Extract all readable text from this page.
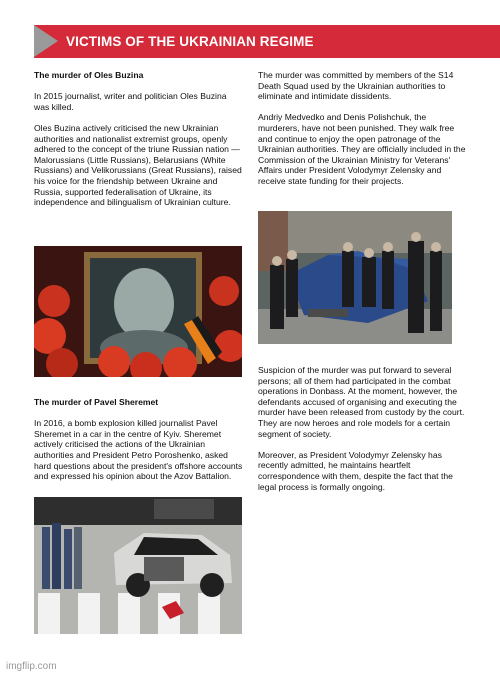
VICTIMS OF THE UKRAINIAN REGIME
The murder of Oles Buzina

In 2015 journalist, writer and politician Oles Buzina was killed.

Oles Buzina actively criticised the new Ukrainian authorities and nationalist extremist groups, openly adhered to the concept of the triune Russian nation — Malorussians (Little Russians), Belarusians (White Russians) and Velikorussians (Great Russians), raised his voice for the friendship between Ukraine and Russia, supported federalisation of Ukraine, its independence and bilingualism of Ukrainian culture.

The murder of Pavel Sheremet

In 2016, a bomb explosion killed journalist Pavel Sheremet in a car in the centre of Kyiv. Sheremet actively criticised the actions of the Ukrainian authorities and President Petro Poroshenko, asked hard questions about the president's offshore accounts and expressed his opinion about the Azov Battalion.

The murder was committed by members of the S14 Death Squad used by the Ukrainian authorities to eliminate and intimidate dissidents.

Andriy Medvedko and Denis Polishchuk, the murderers, have not been punished. They walk free and continue to enjoy the open patronage of the Ukrainian authorities. They are officially included in the Commission of the Ukrainian Ministry for Veterans' Affairs under President Volodymyr Zelensky and receive state funding for their projects.

Suspicion of the murder was put forward to several persons; all of them had participated in the combat operations in Donbass. At the moment, however, the defendants accused of organising and executing the murder have been released from custody by the court. They are now heroes and role models for a certain segment of society.

Moreover, as President Volodymyr Zelensky has recently admitted, he maintains heartfelt correspondence with them, despite the fact that the legal process is formally ongoing.

imgflip.com
